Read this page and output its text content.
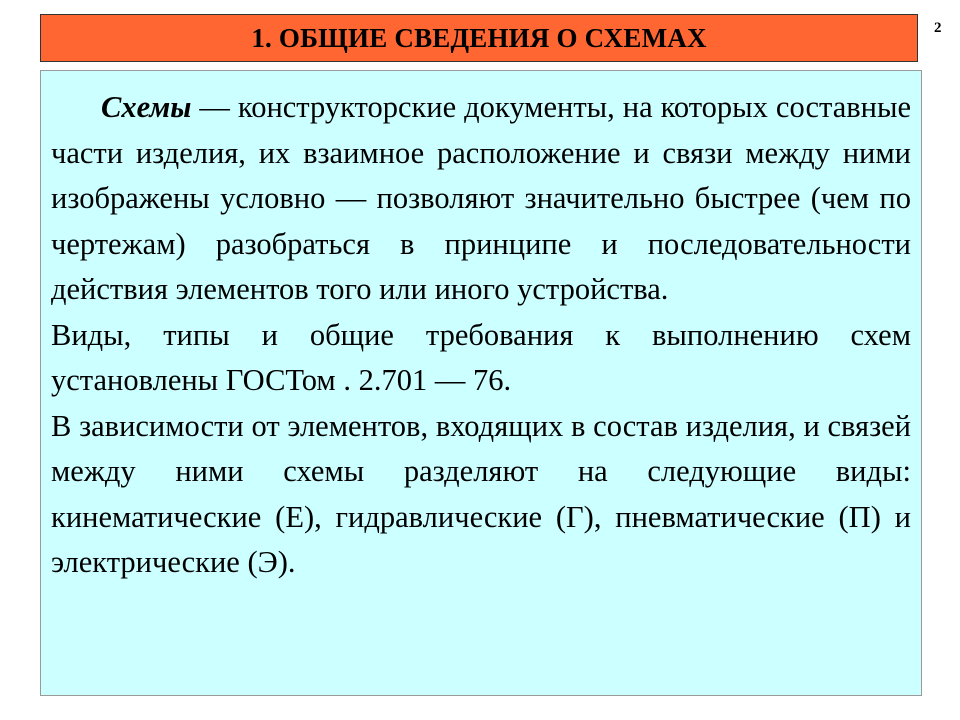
1. ОБЩИЕ СВЕДЕНИЯ О СХЕМАХ	2

Схемы — конструкторские документы, на которых составные части изделия, их взаимное расположение и связи между ними изображены условно — позволяют значительно быстрее (чем по чертежам) разобраться в принципе и последовательности действия элементов того или иного устройства.

Виды, типы и общие требования к выполнению схем установлены ГОСТом . 2.701 — 76.

В зависимости от элементов, входящих в состав изделия, и связей между ними схемы разделяют на следующие виды: кинематические (Е), гидравлические (Г), пневматические (П) и электрические (Э).
